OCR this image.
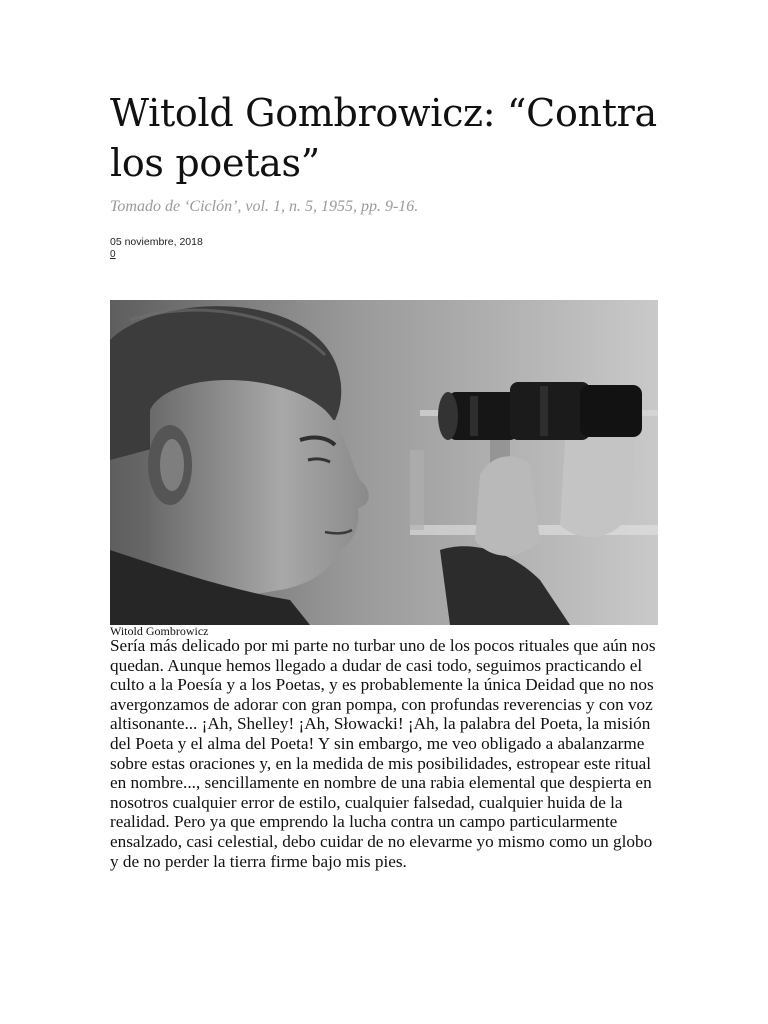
Witold Gombrowicz: “Contra los poetas”

Tomado de ‘Ciclón’, vol. 1, n. 5, 1955, pp. 9-16.

05 noviembre, 2018
0
Witold Gombrowicz

Sería más delicado por mi parte no turbar uno de los pocos rituales que aún nos quedan. Aunque hemos llegado a dudar de casi todo, seguimos practicando el culto a la Poesía y a los Poetas, y es probablemente la única Deidad que no nos avergonzamos de adorar con gran pompa, con profundas reverencias y con voz altisonante... ¡Ah, Shelley! ¡Ah, Słowacki! ¡Ah, la palabra del Poeta, la misión del Poeta y el alma del Poeta! Y sin embargo, me veo obligado a abalanzarme sobre estas oraciones y, en la medida de mis posibilidades, estropear este ritual en nombre..., sencillamente en nombre de una rabia elemental que despierta en nosotros cualquier error de estilo, cualquier falsedad, cualquier huida de la realidad. Pero ya que emprendo la lucha contra un campo particularmente ensalzado, casi celestial, debo cuidar de no elevarme yo mismo como un globo y de no perder la tierra firme bajo mis pies.
